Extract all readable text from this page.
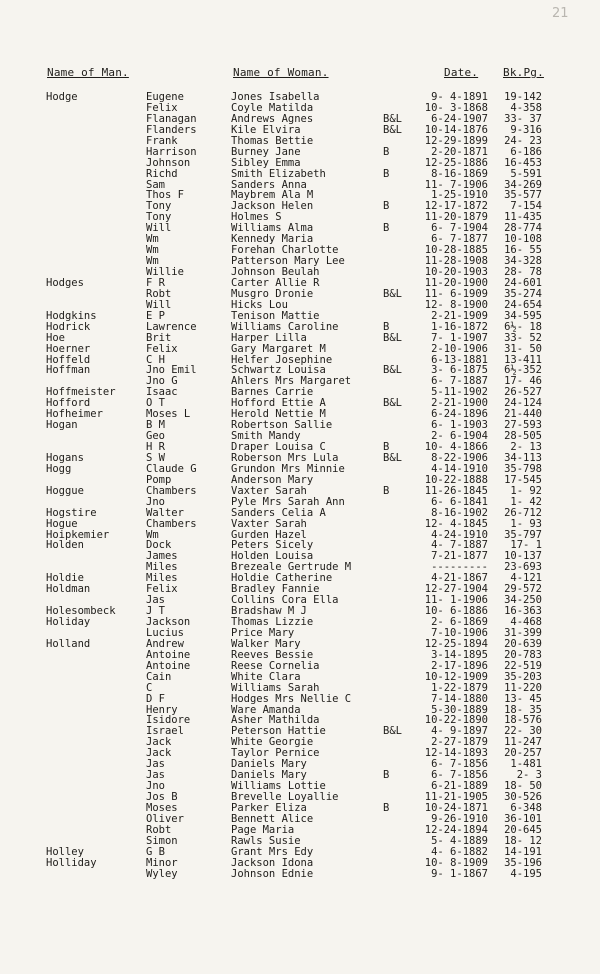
21
Name of Man.	Name of Woman.	Date. Bk.Pg.
Hodge	Eugene	Jones Isabella	9- 4-1891	19-142
Felix	Coyle Matilda	10- 3-1868	4-358
Flanagan	Andrews Agnes	B&L	6-24-1907	33- 37
Flanders	Kile Elvira	B&L	10-14-1876	9-316
Frank	Thomas Bettie	12-29-1899	24- 23
Harrison	Burney Jane	B	2-20-1871	6-186
Johnson	Sibley Emma	12-25-1886	16-453
Richd	Smith Elizabeth	B	8-16-1869	5-591
Sam	Sanders Anna	11- 7-1906	34-269
Thos F	Maybrem Ala M	1-25-1910	35-577
Tony	Jackson Helen	B	12-17-1872	7-154
Tony	Holmes S	11-20-1879	11-435
Will	Williams Alma	B	6- 7-1904	28-774
Wm	Kennedy Maria	6- 7-1877	10-108
Wm	Forehan Charlotte	10-28-1885	16- 55
Wm	Patterson Mary Lee	11-28-1908	34-328
Willie	Johnson Beulah	10-20-1903	28- 78
Hodges	F R	Carter Allie R	11-20-1900	24-601
Robt	Musgro Dronie	B&L	11- 6-1909	35-274
Will	Hicks Lou	12- 8-1900	24-654
Hodgkins	E P	Tenison Mattie	2-21-1909	34-595
Hodrick	Lawrence	Williams Caroline	B	1-16-1872	6½- 18
Hoe	Brit	Harper Lilla	B&L	7- 1-1907	33- 52
Hoerner	Felix	Gary Margaret M	2-10-1906	31- 50
Hoffeld	C H	Helfer Josephine	6-13-1881	13-411
Hoffman	Jno Emil	Schwartz Louisa	B&L	3- 6-1875	6½-352
Jno G	Ahlers Mrs Margaret	6- 7-1887	17- 46
Hoffmeister	Isaac	Barnes Carrie	5-11-1902	26-527
Hofford	O T	Hofford Ettie A	B&L	2-21-1900	24-124
Hofheimer	Moses L	Herold Nettie M	6-24-1896	21-440
Hogan	B M	Robertson Sallie	6- 1-1903	27-593
Geo	Smith Mandy	2- 6-1904	28-505
H R	Draper Louisa C	B	10- 4-1866	2- 13
Hogans	S W	Roberson Mrs Lula	B&L	8-22-1906	34-113
Hogg	Claude G	Grundon Mrs Minnie	4-14-1910	35-798
Pomp	Anderson Mary	10-22-1888	17-545
Hoggue	Chambers	Vaxter Sarah	B	11-26-1845	1- 92
Jno	Pyle Mrs Sarah Ann	6- 6-1841	1- 42
Hogstire	Walter	Sanders Celia A	8-16-1902	26-712
Hogue	Chambers	Vaxter Sarah	12- 4-1845	1- 93
Hoipkemier	Wm	Gurden Hazel	4-24-1910	35-797
Holden	Dock	Peters Sicely	4- 7-1887	17- 1
James	Holden Louisa	7-21-1877	10-137
Miles	Brezeale Gertrude M	---------	23-693
Holdie	Miles	Holdie Catherine	4-21-1867	4-121
Holdman	Felix	Bradley Fannie	12-27-1904	29-572
Jas	Collins Cora Ella	11- 1-1906	34-250
Holesombeck	J T	Bradshaw M J	10- 6-1886	16-363
Holiday	Jackson	Thomas Lizzie	2- 6-1869	4-468
Lucius	Price Mary	7-10-1906	31-399
Holland	Andrew	Walker Mary	12-25-1894	20-639
Antoine	Reeves Bessie	3-14-1895	20-783
Antoine	Reese Cornelia	2-17-1896	22-519
Cain	White Clara	10-12-1909	35-203
C	Williams Sarah	1-22-1879	11-220
D F	Hodges Mrs Nellie C	7-14-1880	13- 45
Henry	Ware Amanda	5-30-1889	18- 35
Isidore	Asher Mathilda	10-22-1890	18-576
Israel	Peterson Hattie	B&L	4- 9-1897	22- 30
Jack	White Georgie	2-27-1879	11-247
Jack	Taylor Pernice	12-14-1893	20-257
Jas	Daniels Mary	6- 7-1856	1-481
Jas	Daniels Mary	B	6- 7-1856	2- 3
Jno	Williams Lottie	6-21-1889	18- 50
Jos B	Brevelle Loyallie	11-21-1905	30-526
Moses	Parker Eliza	B	10-24-1871	6-348
Oliver	Bennett Alice	9-26-1910	36-101
Robt	Page Maria	12-24-1894	20-645
Simon	Rawls Susie	5- 4-1889	18- 12
Holley	G B	Grant Mrs Edy	4- 6-1882	14-191
Holliday	Minor	Jackson Idona	10- 8-1909	35-196
Wyley	Johnson Ednie	9- 1-1867	4-195
